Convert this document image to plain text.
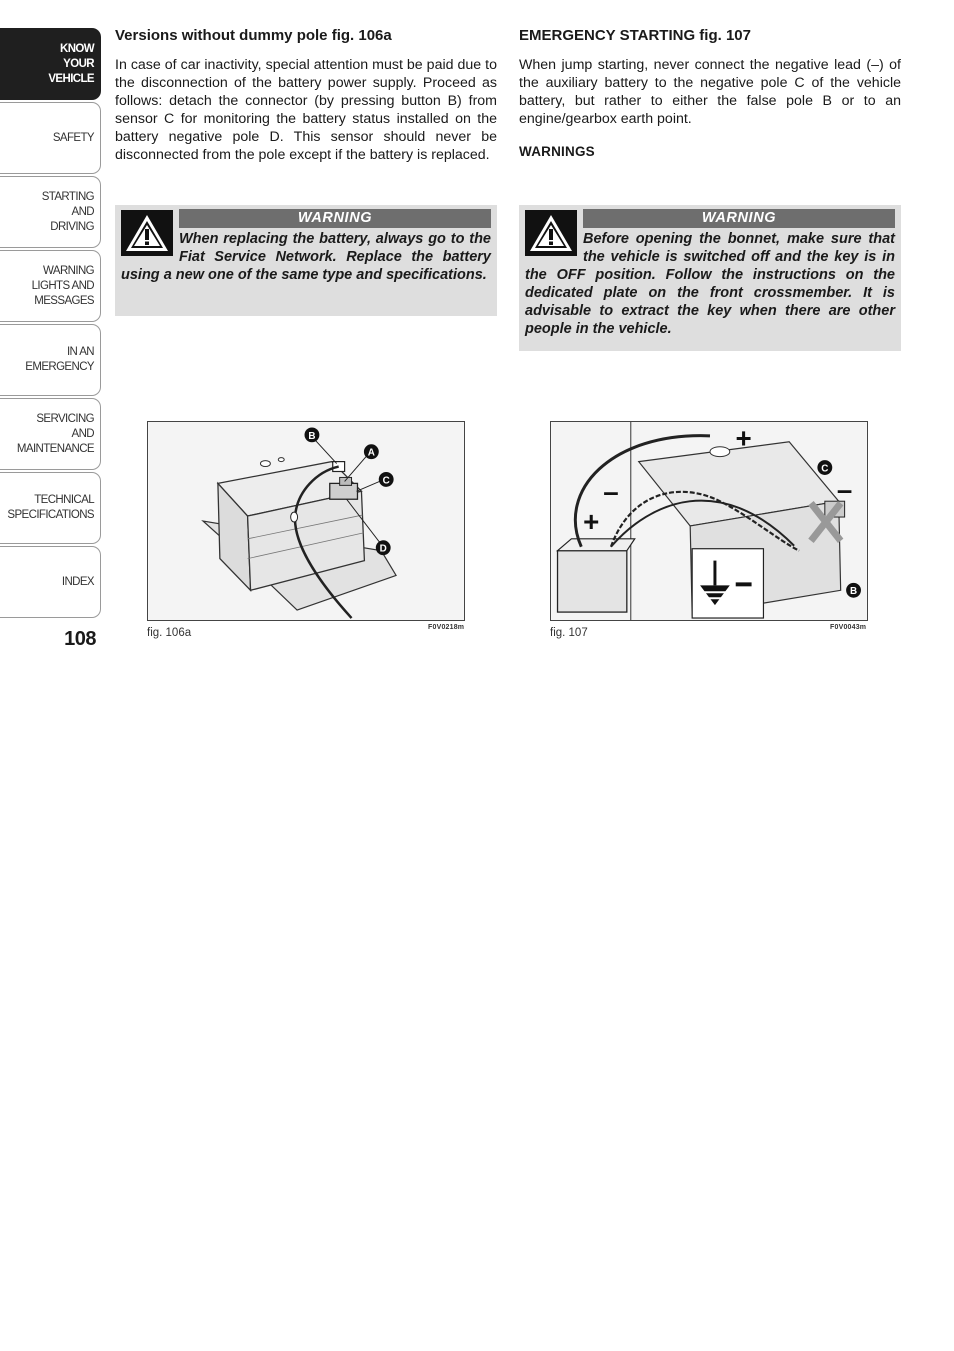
KNOW
YOUR
VEHICLE
SAFETY
STARTING
AND
DRIVING
WARNING
LIGHTS AND
MESSAGES
IN AN
EMERGENCY
SERVICING
AND
MAINTENANCE
TECHNICAL
SPECIFICATIONS
INDEX
108
Versions without dummy pole fig. 106a

In case of car inactivity, special attention must be paid due to the disconnection of the battery power supply. Proceed as follows: detach the connector (by pressing button B) from sensor C for monitoring the battery status installed on the battery negative pole D. This sensor should never be disconnected from the pole except if the battery is replaced.

WARNING

When replacing the battery, always go to the Fiat Service Network. Replace the battery using a new one of the same type and specifications.

EMERGENCY STARTING fig. 107

When jump starting, never connect the negative lead (–) of the auxiliary battery to the negative pole C of the vehicle battery, but rather to either the false pole B or to an engine/gearbox earth point.

WARNINGS
WARNING

Before opening the bonnet, make sure that the vehicle is switched off and the key is in the OFF position. Follow the instructions on the dedicated plate on the front crossmember. It is advisable to extract the key when there are other people in the vehicle.

B
A
C
D
fig. 106a	F0V0218m
+
+
–	–
C
B
fig. 107	F0V0043m
